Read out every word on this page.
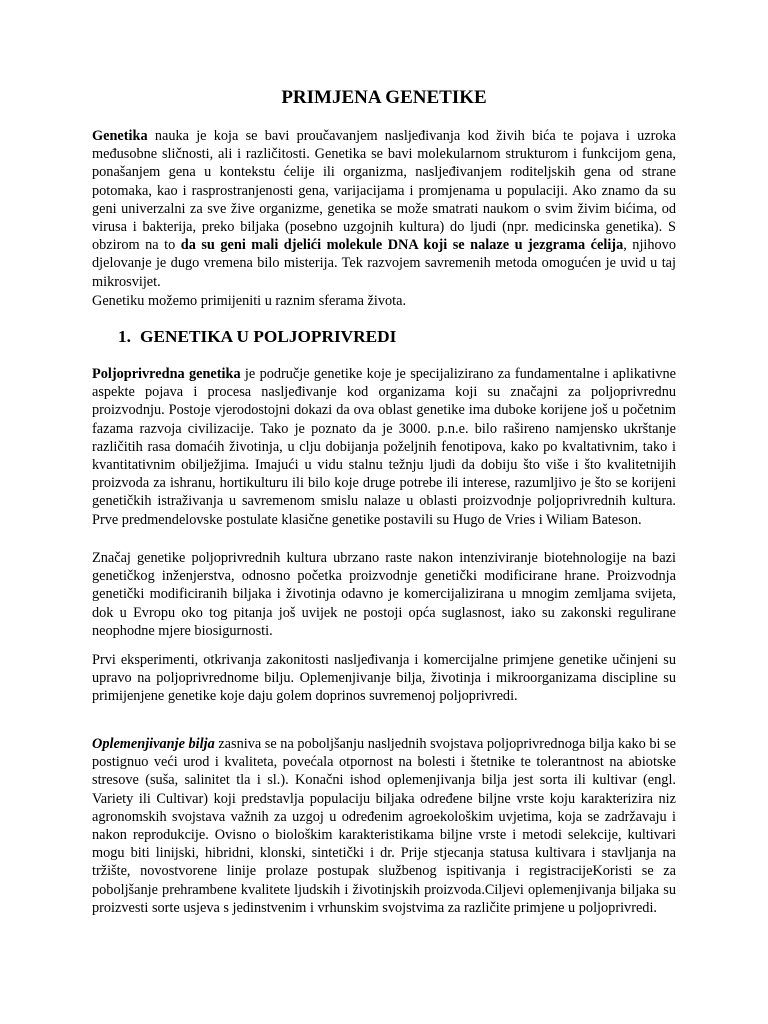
PRIMJENA GENETIKE

Genetika nauka je koja se bavi proučavanjem nasljeđivanja kod živih bića te pojava i uzroka međusobne sličnosti, ali i različitosti. Genetika se bavi molekularnom strukturom i funkcijom gena, ponašanjem gena u kontekstu ćelije ili organizma, nasljeđivanjem roditeljskih gena od strane potomaka, kao i rasprostranjenosti gena, varijacijama i promjenama u populaciji. Ako znamo da su geni univerzalni za sve žive organizme, genetika se može smatrati naukom o svim živim bićima, od virusa i bakterija, preko biljaka (posebno uzgojnih kultura) do ljudi (npr. medicinska genetika). S obzirom na to da su geni mali djelići molekule DNA koji se nalaze u jezgrama ćelija, njihovo djelovanje je dugo vremena bilo misterija. Tek razvojem savremenih metoda omogućen je uvid u taj mikrosvijet.

Genetiku možemo primijeniti u raznim sferama života.

1. GENETIKA U POLJOPRIVREDI

Poljoprivredna genetika je područje genetike koje je specijalizirano za fundamentalne i aplikativne aspekte pojava i procesa nasljeđivanje kod organizama koji su značajni za poljoprivrednu proizvodnju. Postoje vjerodostojni dokazi da ova oblast genetike ima duboke korijene još u početnim fazama razvoja civilizacije. Tako je poznato da je 3000. p.n.e. bilo rašireno namjensko ukrštanje različitih rasa domaćih životinja, u clju dobijanja poželjnih fenotipova, kako po kvaltativnim, tako i kvantitativnim obilježjima. Imajući u vidu stalnu težnju ljudi da dobiju što više i što kvalitetnijih proizvoda za ishranu, hortikulturu ili bilo koje druge potrebe ili interese, razumljivo je što se korijeni genetičkih istraživanja u savremenom smislu nalaze u oblasti proizvodnje poljoprivrednih kultura. Prve predmendelovske postulate klasične genetike postavili su Hugo de Vries i Wiliam Bateson.

Značaj genetike poljoprivrednih kultura ubrzano raste nakon intenziviranje biotehnologije na bazi genetičkog inženjerstva, odnosno početka proizvodnje genetički modificirane hrane. Proizvodnja genetički modificiranih biljaka i životinja odavno je komercijalizirana u mnogim zemljama svijeta, dok u Evropu oko tog pitanja još uvijek ne postoji opća suglasnost, iako su zakonski regulirane neophodne mjere biosigurnosti.

Prvi eksperimenti, otkrivanja zakonitosti nasljeđivanja i komercijalne primjene genetike učinjeni su upravo na poljoprivrednome bilju. Oplemenjivanje bilja, životinja i mikroorganizama discipline su primijenjene genetike koje daju golem doprinos suvremenoj poljoprivredi.

Oplemenjivanje bilja zasniva se na poboljšanju nasljednih svojstava poljoprivrednoga bilja kako bi se postignuo veći urod i kvaliteta, povećala otpornost na bolesti i štetnike te tolerantnost na abiotske stresove (suša, salinitet tla i sl.). Konačni ishod oplemenjivanja bilja jest sorta ili kultivar (engl. Variety ili Cultivar) koji predstavlja populaciju biljaka određene biljne vrste koju karakterizira niz agronomskih svojstava važnih za uzgoj u određenim agroekološkim uvjetima, koja se zadržavaju i nakon reprodukcije. Ovisno o biološkim karakteristikama biljne vrste i metodi selekcije, kultivari mogu biti linijski, hibridni, klonski, sintetički i dr. Prije stjecanja statusa kultivara i stavljanja na tržište, novostvorene linije prolaze postupak službenog ispitivanja i registracijeKoristi se za poboljšanje prehrambene kvalitete ljudskih i životinjskih proizvoda.Ciljevi oplemenjivanja biljaka su proizvesti sorte usjeva s jedinstvenim i vrhunskim svojstvima za različite primjene u poljoprivredi.
